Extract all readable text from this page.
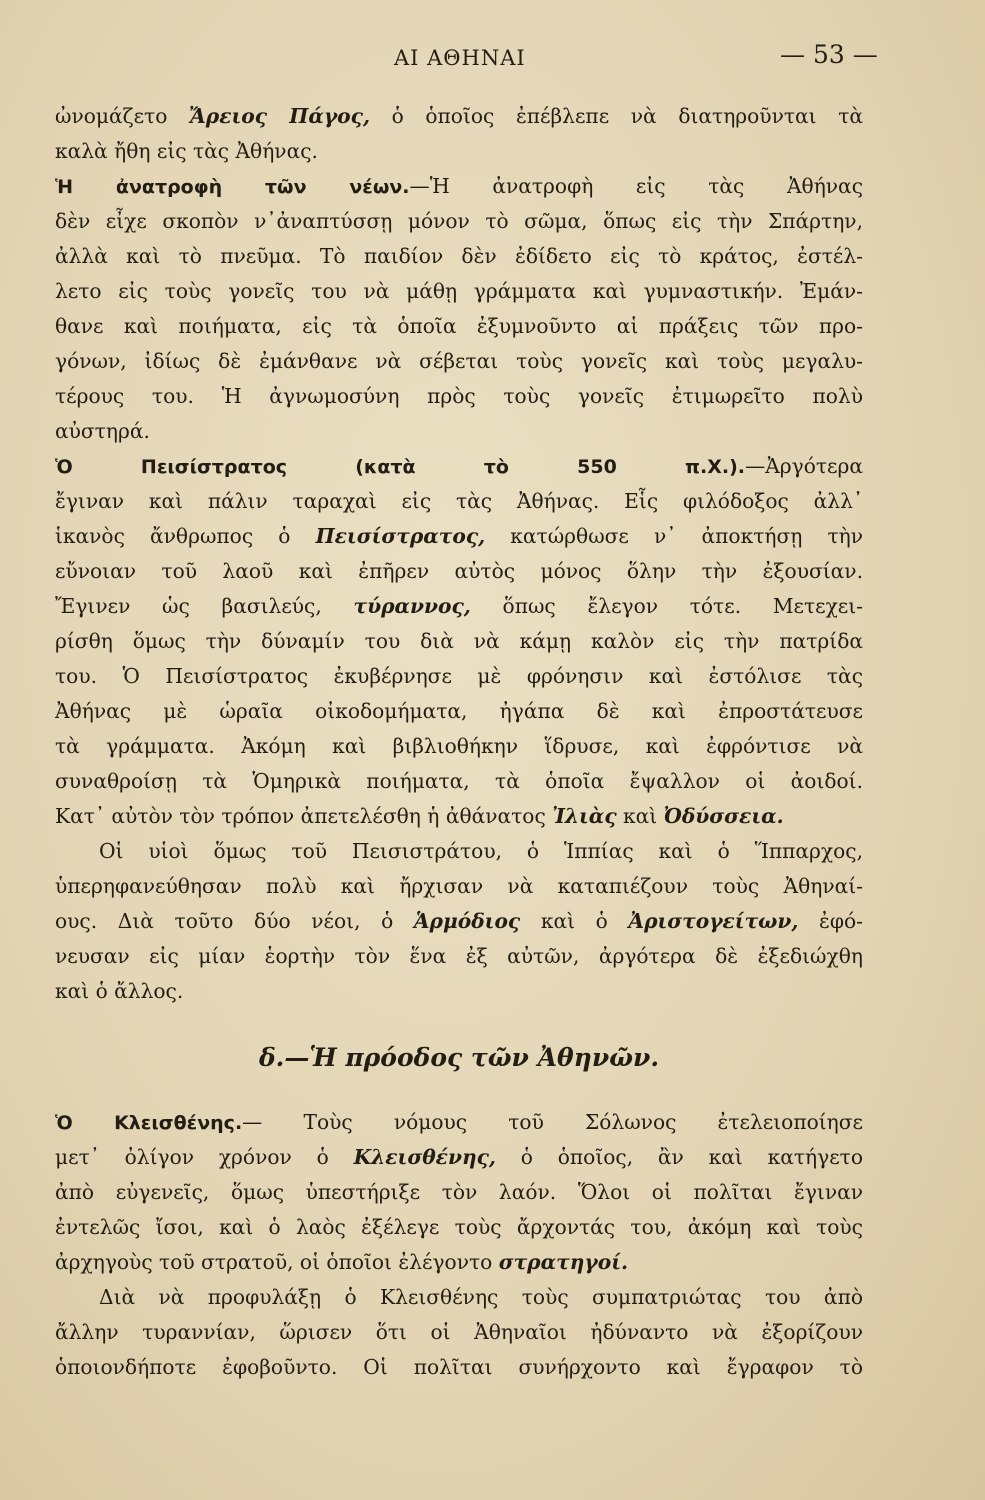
ΑΙ ΑΘΗΝΑΙ	— 53 —
ὠνομάζετο Ἄρειος Πάγος, ὁ ὁποῖος ἐπέβλεπε νὰ διατηροῦνται τὰ
καλὰ ἤθη εἰς τὰς Ἀθήνας.
Ἡ ἀνατροφὴ τῶν νέων.—Ἡ ἀνατροφὴ εἰς τὰς Ἀθήνας
δὲν εἶχε σκοπὸν ν᾿ἀναπτύσσῃ μόνον τὸ σῶμα, ὅπως εἰς τὴν Σπάρτην,
ἀλλὰ καὶ τὸ πνεῦμα. Τὸ παιδίον δὲν ἐδίδετο εἰς τὸ κράτος, ἐστέλ-
λετο εἰς τοὺς γονεῖς του νὰ μάθῃ γράμματα καὶ γυμναστικήν. Ἐμάν-
θανε καὶ ποιήματα, εἰς τὰ ὁποῖα ἐξυμνοῦντο αἱ πράξεις τῶν προ-
γόνων, ἰδίως δὲ ἐμάνθανε νὰ σέβεται τοὺς γονεῖς καὶ τοὺς μεγαλυ-
τέρους του. Ἡ ἀγνωμοσύνη πρὸς τοὺς γονεῖς ἐτιμωρεῖτο πολὺ
αὐστηρά.
Ὁ Πεισίστρατος (κατὰ τὸ 550 π.Χ.).—Ἀργότερα
ἔγιναν καὶ πάλιν ταραχαὶ εἰς τὰς Ἀθήνας. Εἷς φιλόδοξος ἀλλ᾿
ἱκανὸς ἄνθρωπος ὁ Πεισίστρατος, κατώρθωσε ν᾿ ἀποκτήσῃ τὴν
εὔνοιαν τοῦ λαοῦ καὶ ἐπῆρεν αὐτὸς μόνος ὅλην τὴν ἐξουσίαν.
Ἔγινεν ὡς βασιλεύς, τύραννος, ὅπως ἔλεγον τότε. Μετεχει-
ρίσθη ὅμως τὴν δύναμίν του διὰ νὰ κάμῃ καλὸν εἰς τὴν πατρίδα
του. Ὁ Πεισίστρατος ἐκυβέρνησε μὲ φρόνησιν καὶ ἐστόλισε τὰς
Ἀθήνας μὲ ὡραῖα οἰκοδομήματα, ἠγάπα δὲ καὶ ἐπροστάτευσε
τὰ γράμματα. Ἀκόμη καὶ βιβλιοθήκην ἵδρυσε, καὶ ἐφρόντισε νὰ
συναθροίσῃ τὰ Ὁμηρικὰ ποιήματα, τὰ ὁποῖα ἔψαλλον οἱ ἀοιδοί.
Κατ᾿ αὐτὸν τὸν τρόπον ἀπετελέσθη ἡ ἀθάνατος Ἰλιὰς καὶ Ὀδύσσεια.
Οἱ υἱοὶ ὅμως τοῦ Πεισιστράτου, ὁ Ἱππίας καὶ ὁ Ἵππαρχος,
ὑπερηφανεύθησαν πολὺ καὶ ἤρχισαν νὰ καταπιέζουν τοὺς Ἀθηναί-
ους. Διὰ τοῦτο δύο νέοι, ὁ Ἁρμόδιος καὶ ὁ Ἀριστογείτων, ἐφό-
νευσαν εἰς μίαν ἑορτὴν τὸν ἕνα ἐξ αὐτῶν, ἀργότερα δὲ ἐξεδιώχθη
καὶ ὁ ἄλλος.
δ.—Ἡ πρόοδος τῶν Ἀθηνῶν.
Ὁ Κλεισθένης.— Τοὺς νόμους τοῦ Σόλωνος ἐτελειοποίησε
μετ᾿ ὀλίγον χρόνον ὁ Κλεισθένης, ὁ ὁποῖος, ἂν καὶ κατήγετο
ἀπὸ εὐγενεῖς, ὅμως ὑπεστήριξε τὸν λαόν. Ὅλοι οἱ πολῖται ἔγιναν
ἐντελῶς ἴσοι, καὶ ὁ λαὸς ἐξέλεγε τοὺς ἄρχοντάς του, ἀκόμη καὶ τοὺς
ἀρχηγοὺς τοῦ στρατοῦ, οἱ ὁποῖοι ἐλέγοντο στρατηγοί.
Διὰ νὰ προφυλάξῃ ὁ Κλεισθένης τοὺς συμπατριώτας του ἀπὸ
ἄλλην τυραννίαν, ὥρισεν ὅτι οἱ Ἀθηναῖοι ἠδύναντο νὰ ἐξορίζουν
ὁποιονδήποτε ἐφοβοῦντο. Οἱ πολῖται συνήρχοντο καὶ ἔγραφον τὸ
